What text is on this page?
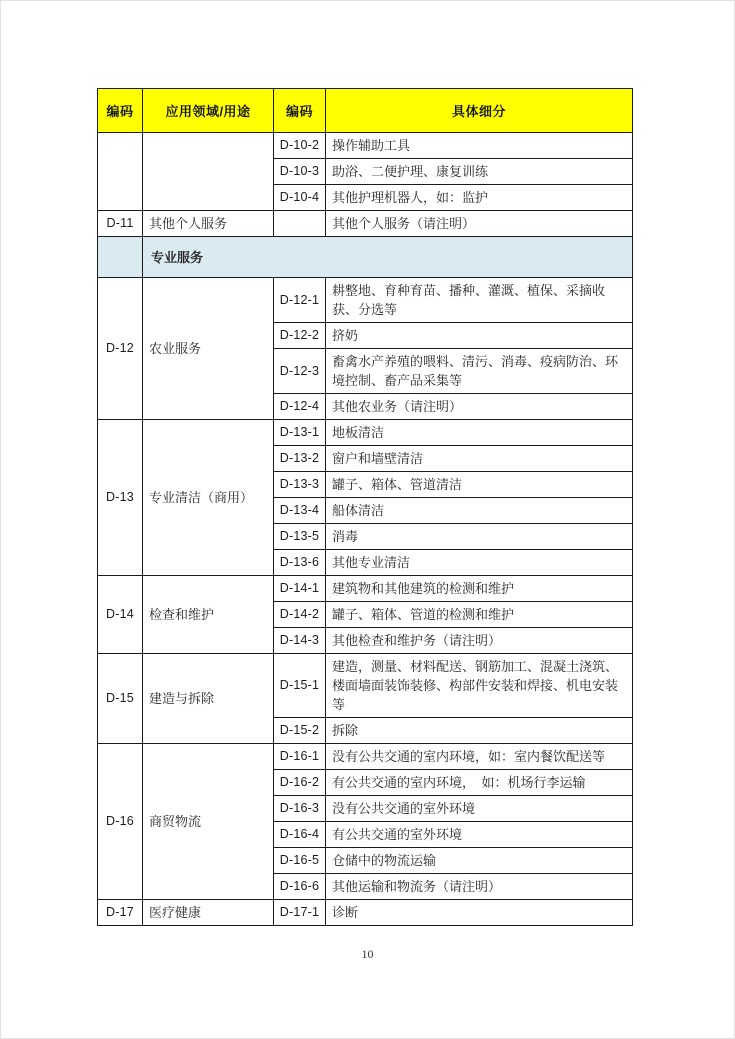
编码	应用领域/用途	编码	具体细分
		D-10-2	操作辅助工具
		D-10-3	助浴、二便护理、康复训练
		D-10-4	其他护理机器人，如：监护
D-11	其他个人服务		其他个人服务（请注明）
	专业服务		
D-12	农业服务	D-12-1	耕整地、育种育苗、播种、灌溉、植保、采摘收获、分选等
		D-12-2	挤奶
		D-12-3	畜禽水产养殖的喂料、清污、消毒、疫病防治、环境控制、畜产品采集等
		D-12-4	其他农业务（请注明）
D-13	专业清洁（商用）	D-13-1	地板清洁
		D-13-2	窗户和墙壁清洁
		D-13-3	罐子、箱体、管道清洁
		D-13-4	船体清洁
		D-13-5	消毒
		D-13-6	其他专业清洁
D-14	检查和维护	D-14-1	建筑物和其他建筑的检测和维护
		D-14-2	罐子、箱体、管道的检测和维护
		D-14-3	其他检查和维护务（请注明）
D-15	建造与拆除	D-15-1	建造，测量、材料配送、钢筋加工、混凝土浇筑、楼面墙面装饰装修、构部件安装和焊接、机电安装等
		D-15-2	拆除
D-16	商贸物流	D-16-1	没有公共交通的室内环境，如：室内餐饮配送等
		D-16-2	有公共交通的室内环境，　如：机场行李运输
		D-16-3	没有公共交通的室外环境
		D-16-4	有公共交通的室外环境
		D-16-5	仓储中的物流运输
		D-16-6	其他运输和物流务（请注明）
D-17	医疗健康	D-17-1	诊断
10
